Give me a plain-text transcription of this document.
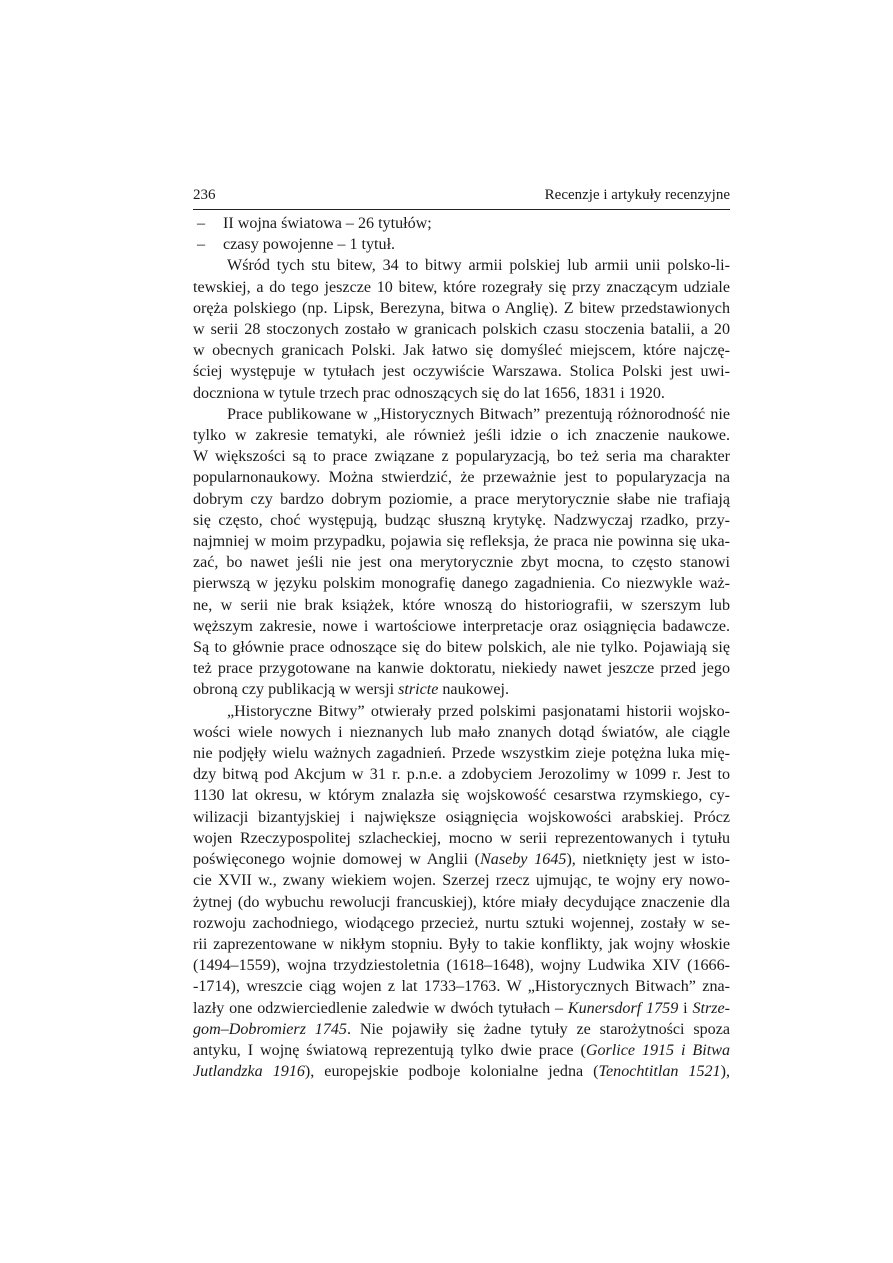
236	Recenzje i artykuły recenzyjne

– II wojna światowa – 26 tytułów;

– czasy powojenne – 1 tytuł.

Wśród tych stu bitew, 34 to bitwy armii polskiej lub armii unii polsko-li-
tewskiej, a do tego jeszcze 10 bitew, które rozegrały się przy znaczącym udziale
oręża polskiego (np. Lipsk, Berezyna, bitwa o Anglię). Z bitew przedstawionych
w serii 28 stoczonych zostało w granicach polskich czasu stoczenia batalii, a 20
w obecnych granicach Polski. Jak łatwo się domyśleć miejscem, które najczę-
ściej występuje w tytułach jest oczywiście Warszawa. Stolica Polski jest uwi-
doczniona w tytule trzech prac odnoszących się do lat 1656, 1831 i 1920.
Prace publikowane w „Historycznych Bitwach” prezentują różnorodność nie
tylko w zakresie tematyki, ale również jeśli idzie o ich znaczenie naukowe.
W większości są to prace związane z popularyzacją, bo też seria ma charakter
popularnonaukowy. Można stwierdzić, że przeważnie jest to popularyzacja na
dobrym czy bardzo dobrym poziomie, a prace merytorycznie słabe nie trafiają
się często, choć występują, budząc słuszną krytykę. Nadzwyczaj rzadko, przy-
najmniej w moim przypadku, pojawia się refleksja, że praca nie powinna się uka-
zać, bo nawet jeśli nie jest ona merytorycznie zbyt mocna, to często stanowi
pierwszą w języku polskim monografię danego zagadnienia. Co niezwykle waż-
ne, w serii nie brak książek, które wnoszą do historiografii, w szerszym lub
węższym zakresie, nowe i wartościowe interpretacje oraz osiągnięcia badawcze.
Są to głównie prace odnoszące się do bitew polskich, ale nie tylko. Pojawiają się
też prace przygotowane na kanwie doktoratu, niekiedy nawet jeszcze przed jego
obroną czy publikacją w wersji stricte naukowej.
„Historyczne Bitwy” otwierały przed polskimi pasjonatami historii wojsko-
wości wiele nowych i nieznanych lub mało znanych dotąd światów, ale ciągle
nie podjęły wielu ważnych zagadnień. Przede wszystkim zieje potężna luka mię-
dzy bitwą pod Akcjum w 31 r. p.n.e. a zdobyciem Jerozolimy w 1099 r. Jest to
1130 lat okresu, w którym znalazła się wojskowość cesarstwa rzymskiego, cy-
wilizacji bizantyjskiej i największe osiągnięcia wojskowości arabskiej. Prócz
wojen Rzeczypospolitej szlacheckiej, mocno w serii reprezentowanych i tytułu
poświęconego wojnie domowej w Anglii (Naseby 1645), nietknięty jest w isto-
cie XVII w., zwany wiekiem wojen. Szerzej rzecz ujmując, te wojny ery nowo-
żytnej (do wybuchu rewolucji francuskiej), które miały decydujące znaczenie dla
rozwoju zachodniego, wiodącego przecież, nurtu sztuki wojennej, zostały w se-
rii zaprezentowane w nikłym stopniu. Były to takie konflikty, jak wojny włoskie
(1494–1559), wojna trzydziestoletnia (1618–1648), wojny Ludwika XIV (1666-
-1714), wreszcie ciąg wojen z lat 1733–1763. W „Historycznych Bitwach” zna-
lazły one odzwierciedlenie zaledwie w dwóch tytułach – Kunersdorf 1759 i Strze-
gom–Dobromierz 1745. Nie pojawiły się żadne tytuły ze starożytności spoza
antyku, I wojnę światową reprezentują tylko dwie prace (Gorlice 1915 i Bitwa
Jutlandzka 1916), europejskie podboje kolonialne jedna (Tenochtitlan 1521),
